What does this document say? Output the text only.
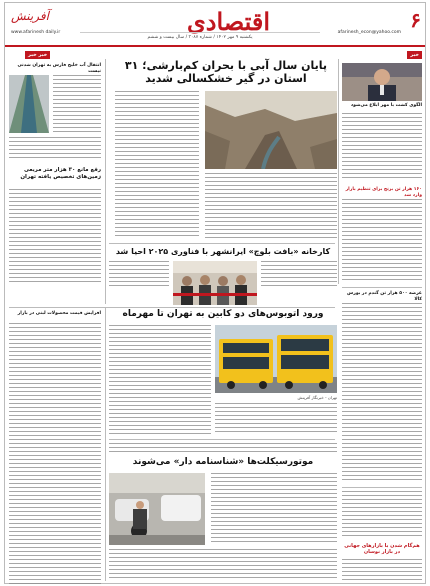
۶
اقتصادی
آفرینش
afarinesh_econ@yahoo.com
www.afarinesh daily.ir
یکشنبه ۹ مهر ۱۴۰۲ / شماره ۳۰۸۷ / سال بیست و ششم
خبر
خبر خبر
پایان سال آبی با بحران کم‌بارشی؛ ۳۱ استان در گیر خشکسالی شدید
الگوی کشت با مهر ابلاغ می‌شود
۱۶۰ هزار تن برنج برای تنظیم بازار وارد شد
انتقال آب خلیج فارس به تهران شدنی نیست
رفع مانع ۳۰ هزار متر مربعی زمین‌های تخصیص یافته تهران
کارخانه «بافت بلوچ» ایرانشهر با فناوری ۲۰۲۵ احیا شد
عرضه ۵۰۰ هزار تن گندم در بورس کالا
افزایش قیمت محصولات لبنی در بازار	ورود اتوبوس‌های دو کابین به تهران تا مهرماه
تهران - خبرنگار آفرینش
موتورسیکلت‌ها «شناسنامه دار» می‌شوند
هم‌گام شدن با بازارهای جهانی در بازار نوسان
